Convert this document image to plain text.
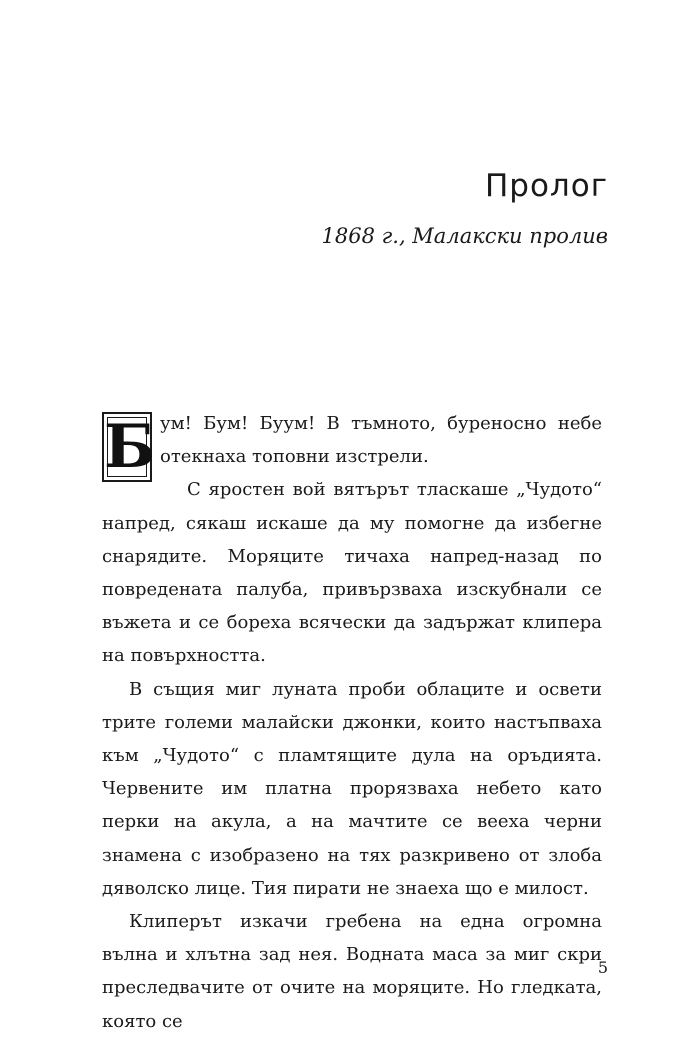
Пролог
1868 г., Малакски пролив

Бум! Бум! Буум! В тъмното, буреносно небе отекнаха топовни изстрели.

С яростен вой вятърът тласкаше „Чудото“ напред, сякаш искаше да му помогне да избегне снарядите. Моряците тичаха напред-назад по повредената палуба, привързваха изскубнали се въжета и се бореха всячески да задържат клипера на повърхността.

В същия миг луната проби облаците и освети трите големи малайски джонки, които настъпваха към „Чудото“ с пламтящите дула на оръдията. Червените им платна прорязваха небето като перки на акула, а на мачтите се вееха черни знамена с изобразено на тях разкривено от злоба дяволско лице. Тия пирати не знаеха що е милост.

Клиперът изкачи гребена на една огромна вълна и хлътна зад нея. Водната маса за миг скри преследвачите от очите на моряците. Но гледката, която се

5
